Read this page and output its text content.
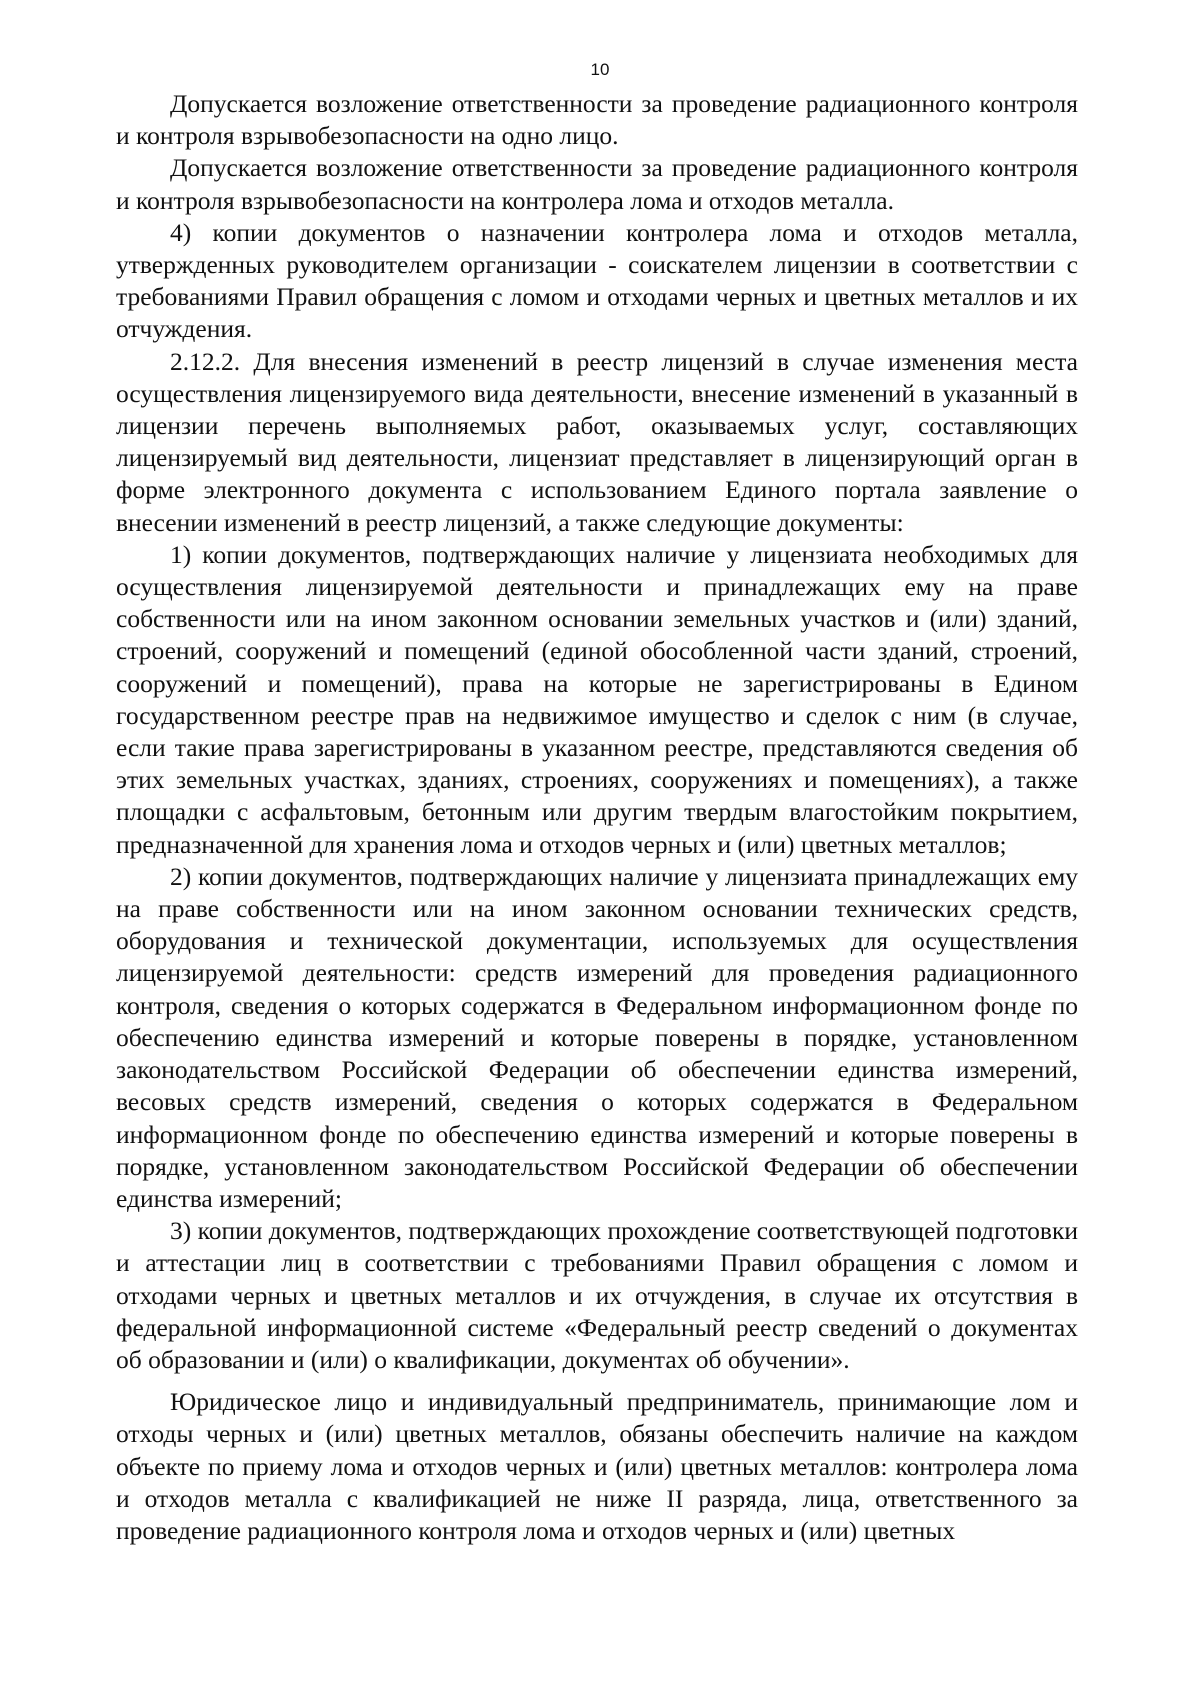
10

Допускается возложение ответственности за проведение радиационного контроля и контроля взрывобезопасности на одно лицо.

Допускается возложение ответственности за проведение радиационного контроля и контроля взрывобезопасности на контролера лома и отходов металла.

4) копии документов о назначении контролера лома и отходов металла, утвержденных руководителем организации - соискателем лицензии в соответствии с требованиями Правил обращения с ломом и отходами черных и цветных металлов и их отчуждения.

2.12.2. Для внесения изменений в реестр лицензий в случае изменения места осуществления лицензируемого вида деятельности, внесение изменений в указанный в лицензии перечень выполняемых работ, оказываемых услуг, составляющих лицензируемый вид деятельности, лицензиат представляет в лицензирующий орган в форме электронного документа с использованием Единого портала заявление о внесении изменений в реестр лицензий, а также следующие документы:

1) копии документов, подтверждающих наличие у лицензиата необходимых для осуществления лицензируемой деятельности и принадлежащих ему на праве собственности или на ином законном основании земельных участков и (или) зданий, строений, сооружений и помещений (единой обособленной части зданий, строений, сооружений и помещений), права на которые не зарегистрированы в Едином государственном реестре прав на недвижимое имущество и сделок с ним (в случае, если такие права зарегистрированы в указанном реестре, представляются сведения об этих земельных участках, зданиях, строениях, сооружениях и помещениях), а также площадки с асфальтовым, бетонным или другим твердым влагостойким покрытием, предназначенной для хранения лома и отходов черных и (или) цветных металлов;

2) копии документов, подтверждающих наличие у лицензиата принадлежащих ему на праве собственности или на ином законном основании технических средств, оборудования и технической документации, используемых для осуществления лицензируемой деятельности: средств измерений для проведения радиационного контроля, сведения о которых содержатся в Федеральном информационном фонде по обеспечению единства измерений и которые поверены в порядке, установленном законодательством Российской Федерации об обеспечении единства измерений, весовых средств измерений, сведения о которых содержатся в Федеральном информационном фонде по обеспечению единства измерений и которые поверены в порядке, установленном законодательством Российской Федерации об обеспечении единства измерений;

3) копии документов, подтверждающих прохождение соответствующей подготовки и аттестации лиц в соответствии с требованиями Правил обращения с ломом и отходами черных и цветных металлов и их отчуждения, в случае их отсутствия в федеральной информационной системе «Федеральный реестр сведений о документах об образовании и (или) о квалификации, документах об обучении».

Юридическое лицо и индивидуальный предприниматель, принимающие лом и отходы черных и (или) цветных металлов, обязаны обеспечить наличие на каждом объекте по приему лома и отходов черных и (или) цветных металлов: контролера лома и отходов металла с квалификацией не ниже II разряда, лица, ответственного за проведение радиационного контроля лома и отходов черных и (или) цветных
